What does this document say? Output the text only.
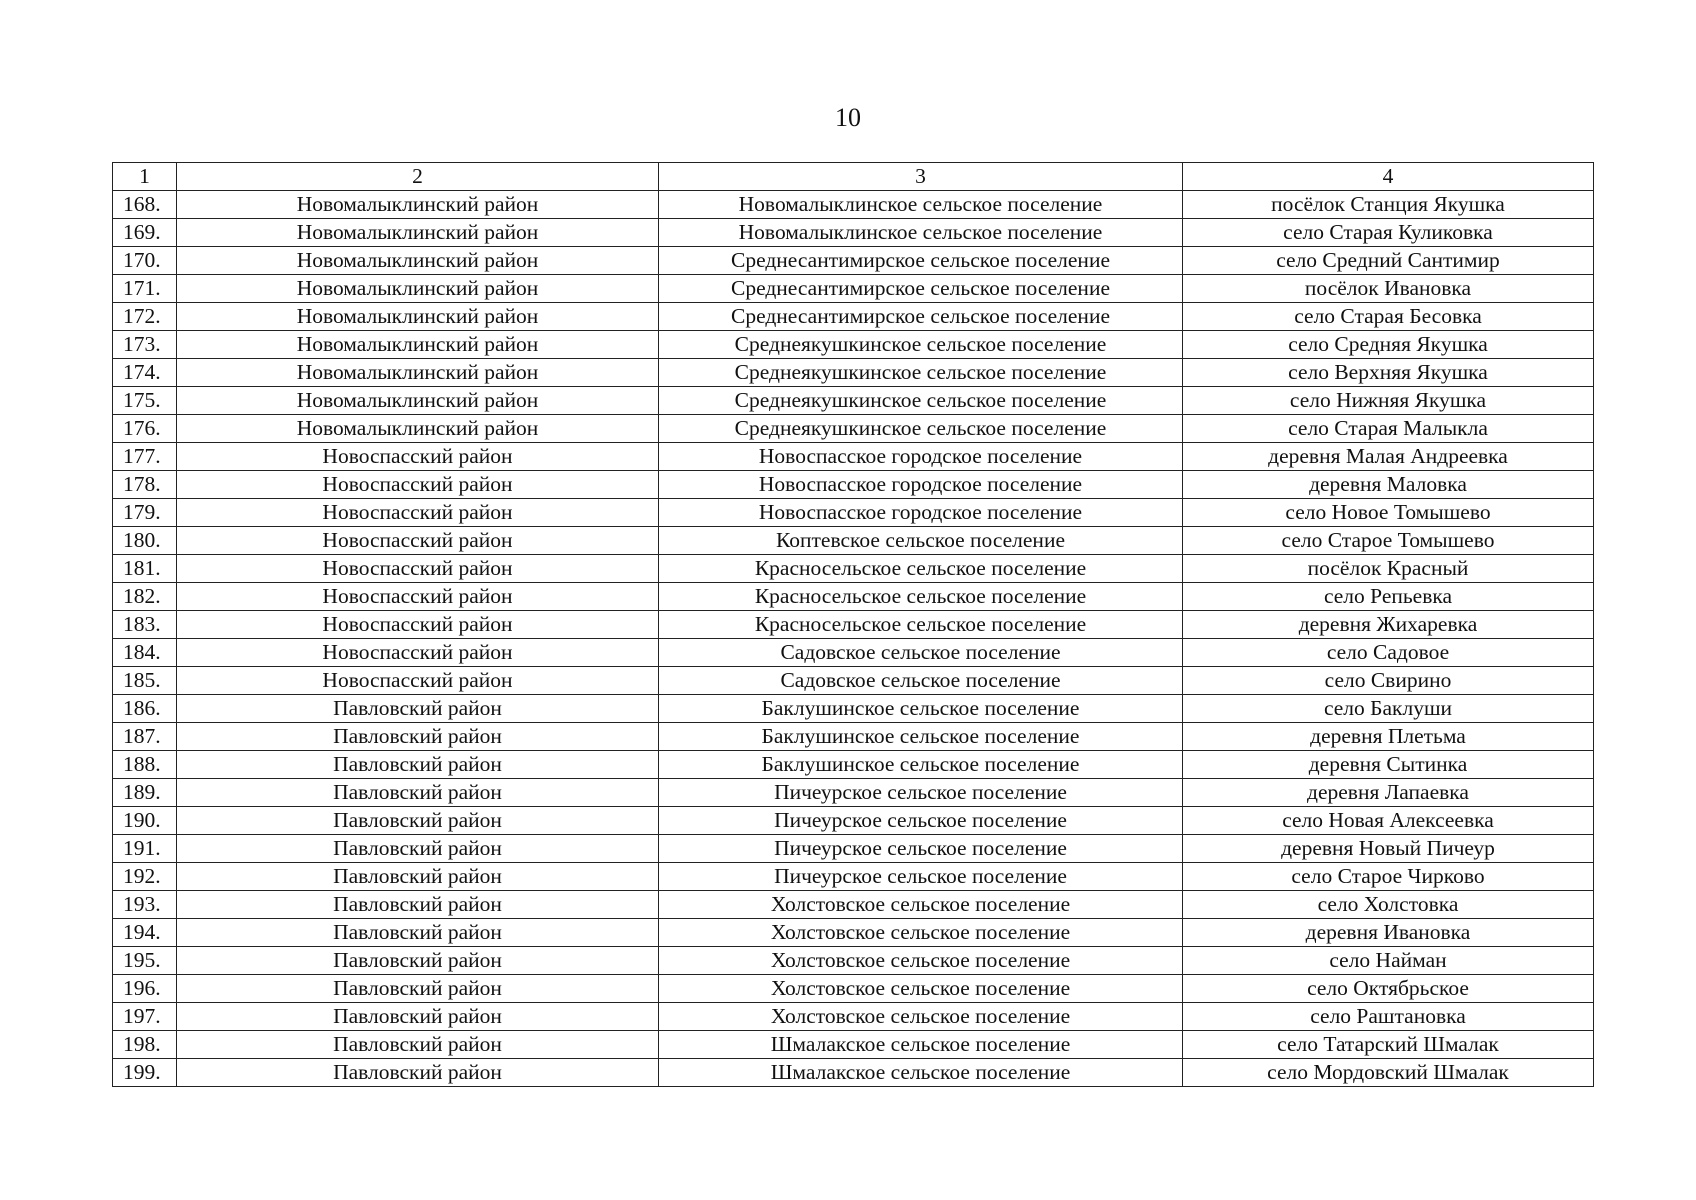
10
1	2	3	4
168.	Новомалыклинский район	Новомалыклинское сельское поселение	посёлок Станция Якушка
169.	Новомалыклинский район	Новомалыклинское сельское поселение	село Старая Куликовка
170.	Новомалыклинский район	Среднесантимирское сельское поселение	село Средний Сантимир
171.	Новомалыклинский район	Среднесантимирское сельское поселение	посёлок Ивановка
172.	Новомалыклинский район	Среднесантимирское сельское поселение	село Старая Бесовка
173.	Новомалыклинский район	Среднеякушкинское сельское поселение	село Средняя Якушка
174.	Новомалыклинский район	Среднеякушкинское сельское поселение	село Верхняя Якушка
175.	Новомалыклинский район	Среднеякушкинское сельское поселение	село Нижняя Якушка
176.	Новомалыклинский район	Среднеякушкинское сельское поселение	село Старая Малыкла
177.	Новоспасский район	Новоспасское городское поселение	деревня Малая Андреевка
178.	Новоспасский район	Новоспасское городское поселение	деревня Маловка
179.	Новоспасский район	Новоспасское городское поселение	село Новое Томышево
180.	Новоспасский район	Коптевское сельское поселение	село Старое Томышево
181.	Новоспасский район	Красносельское сельское поселение	посёлок Красный
182.	Новоспасский район	Красносельское сельское поселение	село Репьевка
183.	Новоспасский район	Красносельское сельское поселение	деревня Жихаревка
184.	Новоспасский район	Садовское сельское поселение	село Садовое
185.	Новоспасский район	Садовское сельское поселение	село Свирино
186.	Павловский район	Баклушинское сельское поселение	село Баклуши
187.	Павловский район	Баклушинское сельское поселение	деревня Плетьма
188.	Павловский район	Баклушинское сельское поселение	деревня Сытинка
189.	Павловский район	Пичеурское сельское поселение	деревня Лапаевка
190.	Павловский район	Пичеурское сельское поселение	село Новая Алексеевка
191.	Павловский район	Пичеурское сельское поселение	деревня Новый Пичеур
192.	Павловский район	Пичеурское сельское поселение	село Старое Чирково
193.	Павловский район	Холстовское сельское поселение	село Холстовка
194.	Павловский район	Холстовское сельское поселение	деревня Ивановка
195.	Павловский район	Холстовское сельское поселение	село Найман
196.	Павловский район	Холстовское сельское поселение	село Октябрьское
197.	Павловский район	Холстовское сельское поселение	село Раштановка
198.	Павловский район	Шмалакское сельское поселение	село Татарский Шмалак
199.	Павловский район	Шмалакское сельское поселение	село Мордовский Шмалак
